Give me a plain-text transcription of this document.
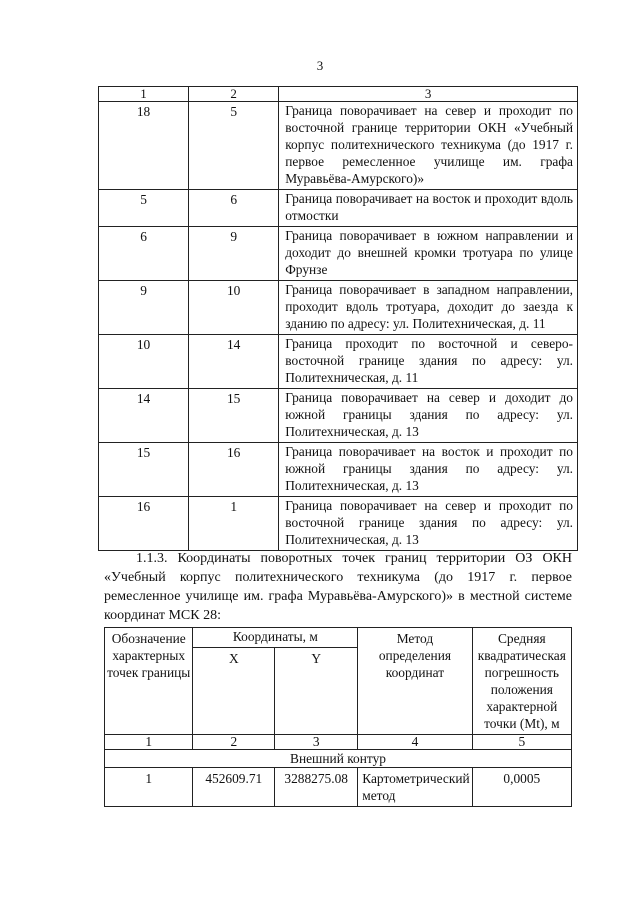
3
1	2	3
18	5	Граница поворачивает на север и проходит по восточной границе территории ОКН «Учебный корпус политехнического техникума (до 1917 г. первое ремесленное училище им. графа Муравьёва-Амурского)»
5	6	Граница поворачивает на восток и проходит вдоль отмостки
6	9	Граница поворачивает в южном направлении и доходит до внешней кромки тротуара по улице Фрунзе
9	10	Граница поворачивает в западном направлении, проходит вдоль тротуара, доходит до заезда к зданию по адресу: ул. Политехническая, д. 11
10	14	Граница проходит по восточной и северо-восточной границе здания по адресу: ул. Политехническая, д. 11
14	15	Граница поворачивает на север и доходит до южной границы здания по адресу: ул. Политехническая, д. 13
15	16	Граница поворачивает на восток и проходит по южной границы здания по адресу: ул. Политехническая, д. 13
16	1	Граница поворачивает на север и проходит по восточной границе здания по адресу: ул. Политехническая, д. 13
1.1.3. Координаты поворотных точек границ территории ОЗ ОКН «Учебный корпус политехнического техникума (до 1917 г. первое ремесленное училище им. графа Муравьёва-Амурского)» в местной системе координат МСК 28:
Обозначение характерных точек границы	Координаты, м		Метод определения координат	Средняя квадратическая погрешность положения характерной точки (Mt), м
	X	Y		
1	2	3	4	5
Внешний контур				
1	452609.71	3288275.08	Картометрический метод	0,0005
